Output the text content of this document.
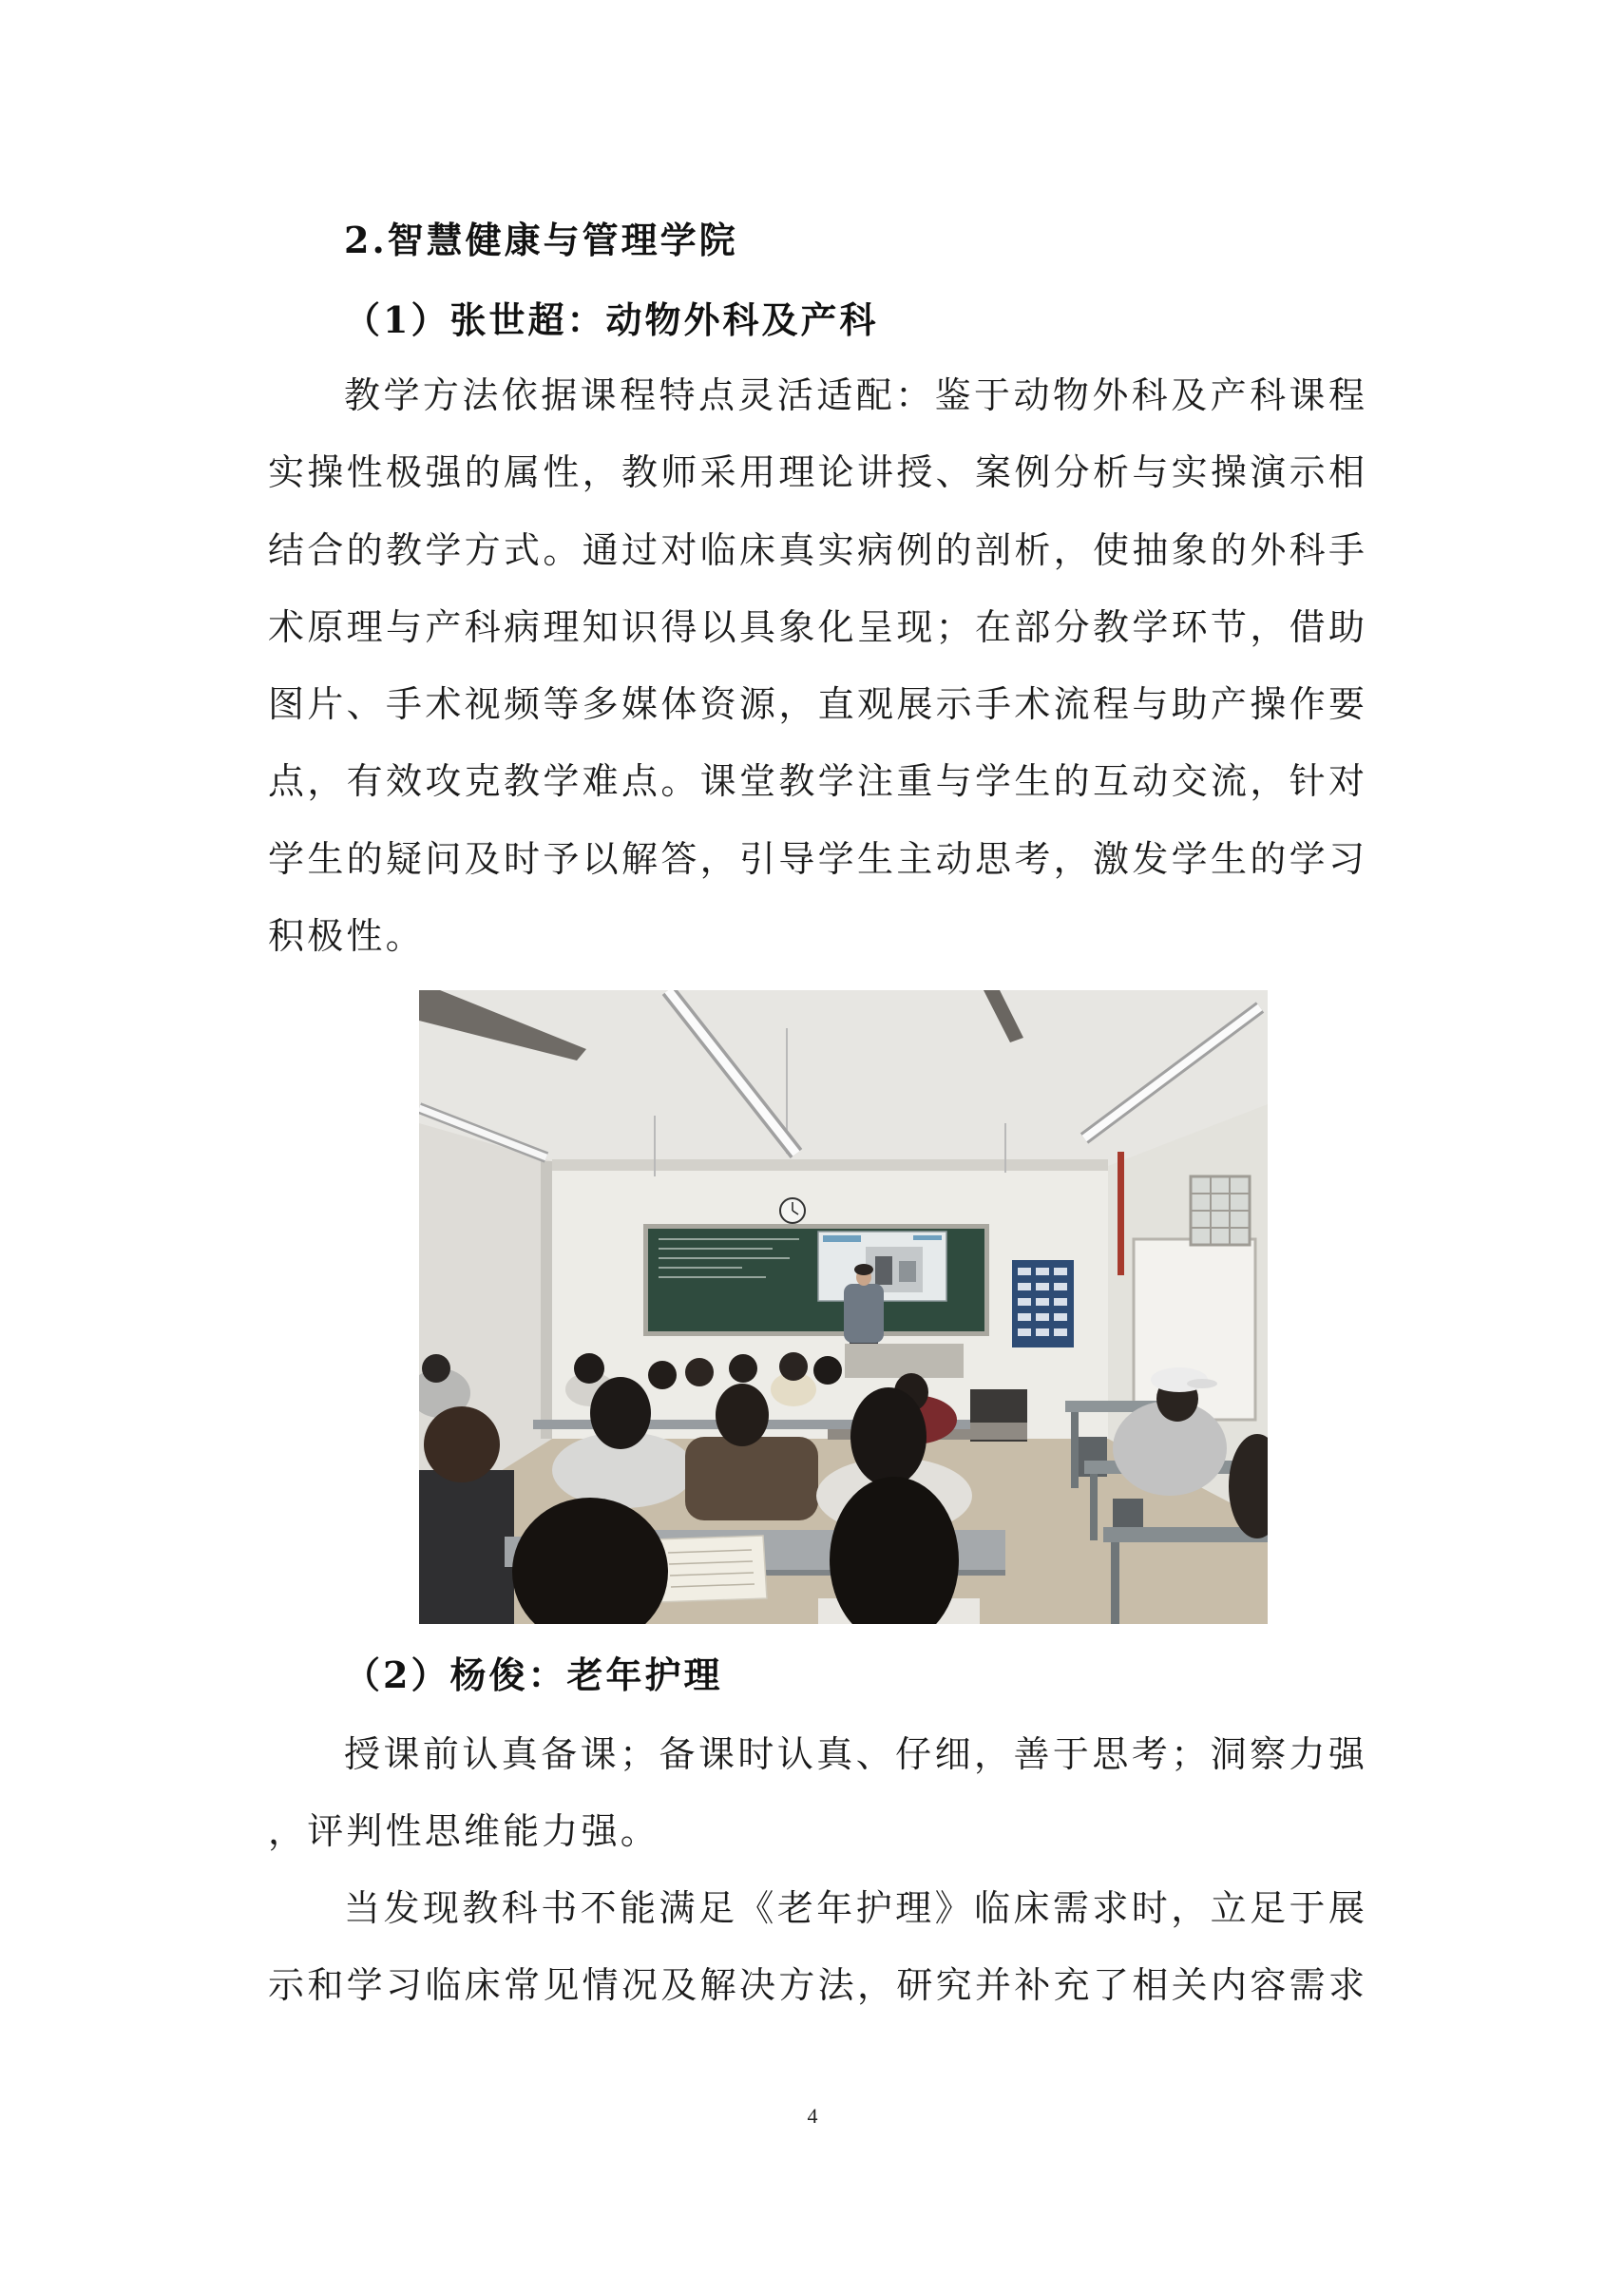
2.智慧健康与管理学院
（1）张世超：动物外科及产科
教学方法依据课程特点灵活适配：鉴于动物外科及产科课程
实操性极强的属性，教师采用理论讲授、案例分析与实操演示相
结合的教学方式。通过对临床真实病例的剖析，使抽象的外科手
术原理与产科病理知识得以具象化呈现；在部分教学环节，借助
图片、手术视频等多媒体资源，直观展示手术流程与助产操作要
点，有效攻克教学难点。课堂教学注重与学生的互动交流，针对
学生的疑问及时予以解答，引导学生主动思考，激发学生的学习
积极性。
（2）杨俊：老年护理
授课前认真备课；备课时认真、仔细，善于思考；洞察力强
，评判性思维能力强。
当发现教科书不能满足《老年护理》临床需求时，立足于展
示和学习临床常见情况及解决方法，研究并补充了相关内容需求
4
